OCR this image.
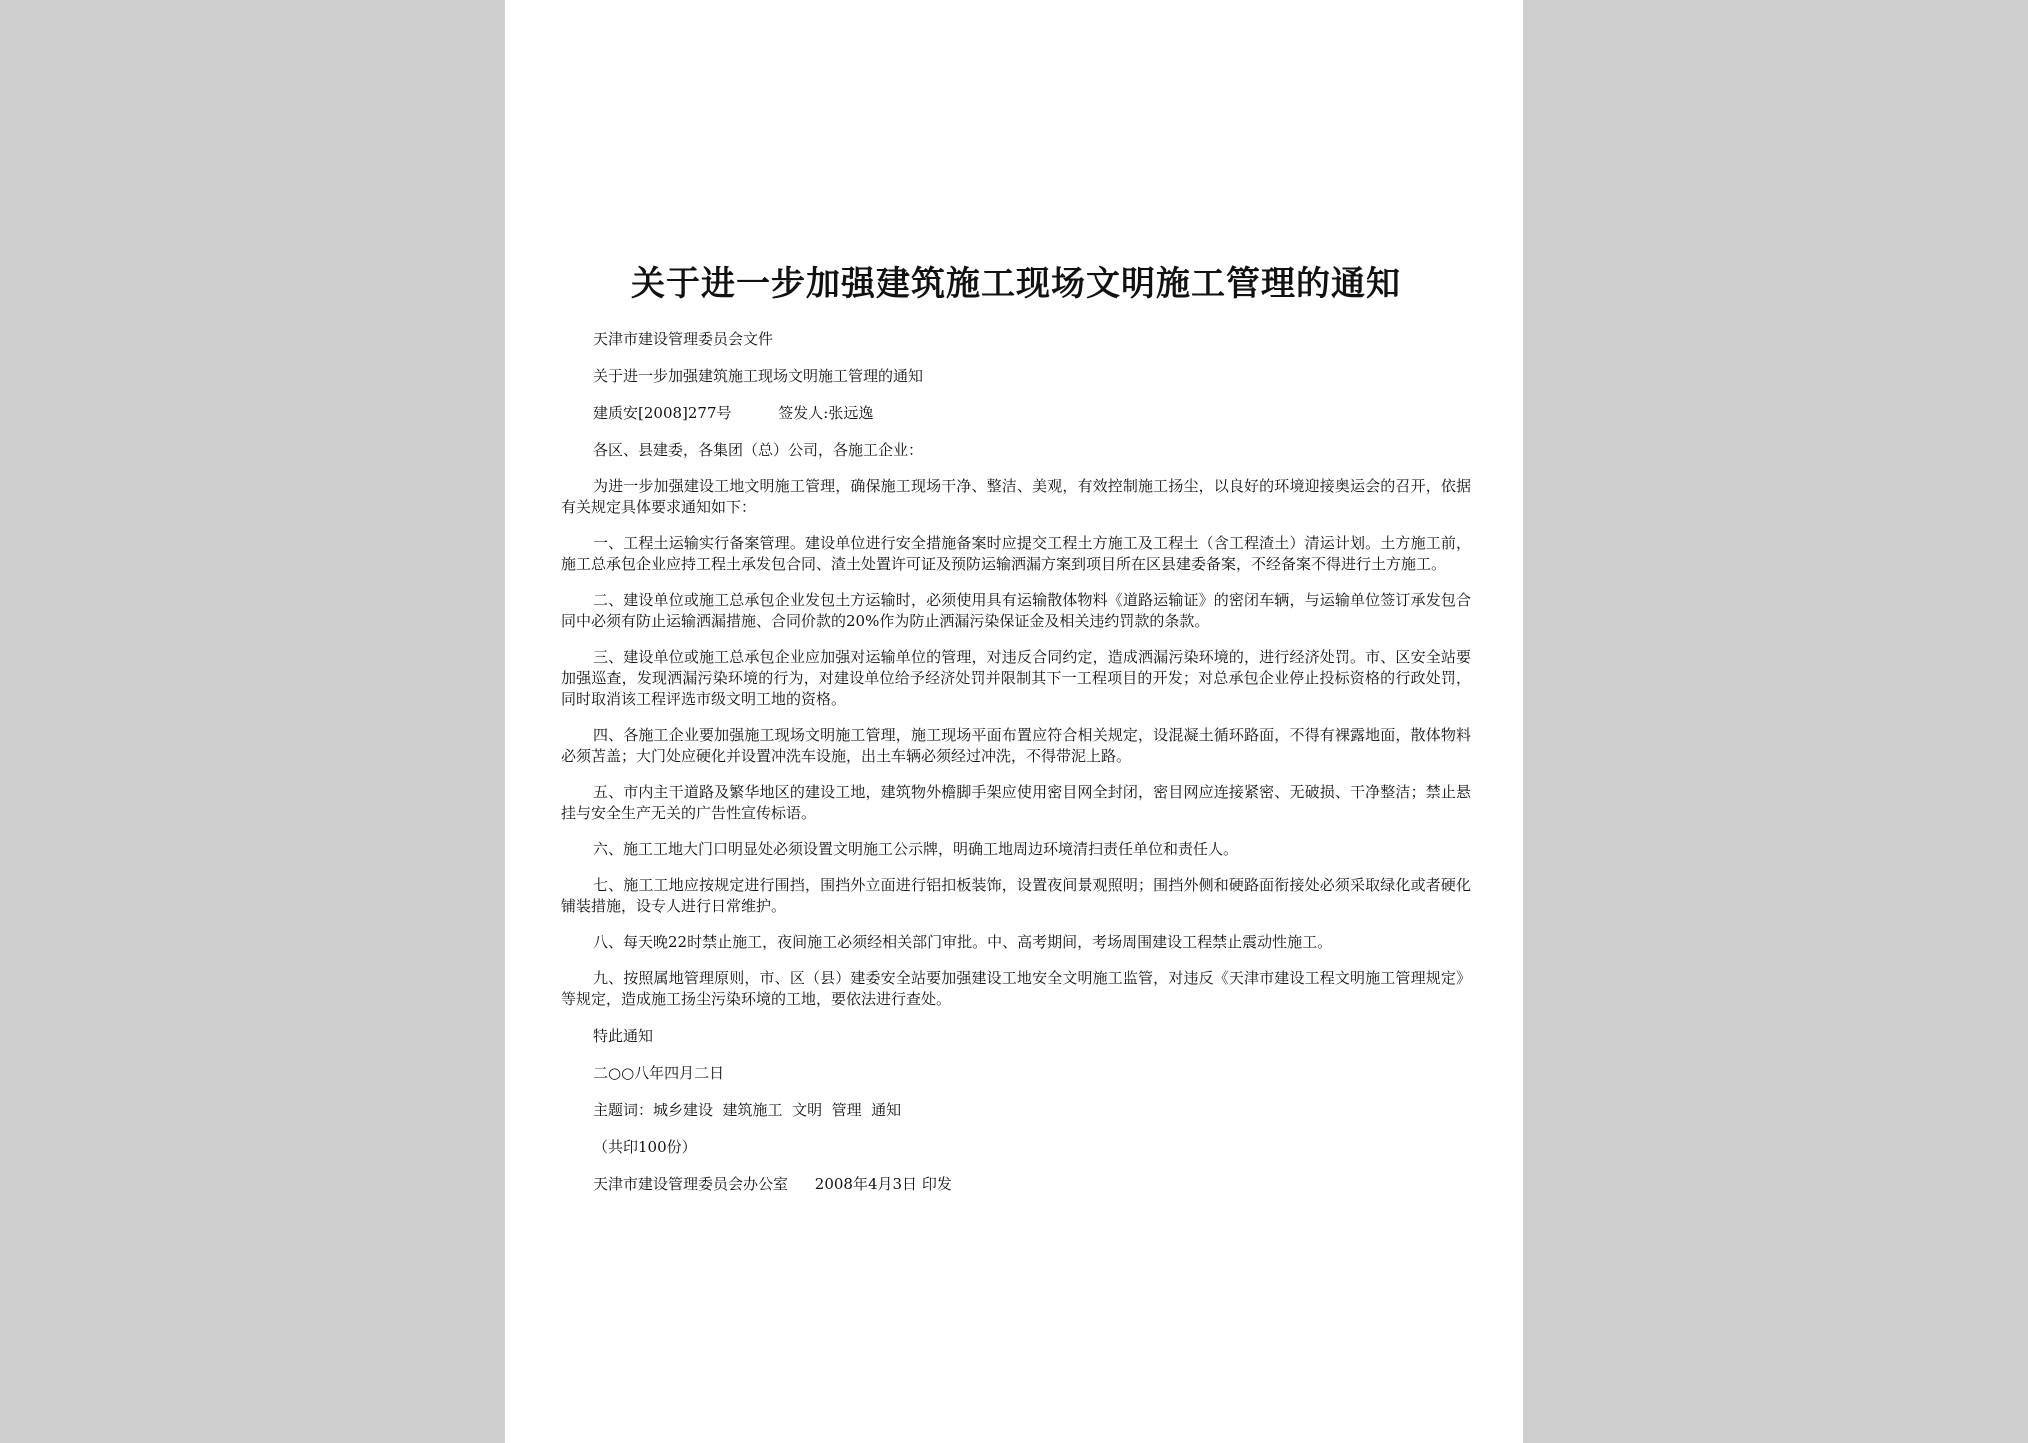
关于进一步加强建筑施工现场文明施工管理的通知

天津市建设管理委员会文件

关于进一步加强建筑施工现场文明施工管理的通知

建质安[2008]277号	签发人:张远逸

各区、县建委，各集团（总）公司，各施工企业：

为进一步加强建设工地文明施工管理，确保施工现场干净、整洁、美观，有效控制施工扬尘，以良好的环境迎接奥运会的召开，依据有关规定具体要求通知如下：

一、工程土运输实行备案管理。建设单位进行安全措施备案时应提交工程土方施工及工程土（含工程渣土）清运计划。土方施工前，施工总承包企业应持工程土承发包合同、渣土处置许可证及预防运输洒漏方案到项目所在区县建委备案，不经备案不得进行土方施工。

二、建设单位或施工总承包企业发包土方运输时，必须使用具有运输散体物料《道路运输证》的密闭车辆，与运输单位签订承发包合同中必须有防止运输洒漏措施、合同价款的20%作为防止洒漏污染保证金及相关违约罚款的条款。

三、建设单位或施工总承包企业应加强对运输单位的管理，对违反合同约定，造成洒漏污染环境的，进行经济处罚。市、区安全站要加强巡查，发现洒漏污染环境的行为，对建设单位给予经济处罚并限制其下一工程项目的开发；对总承包企业停止投标资格的行政处罚，同时取消该工程评选市级文明工地的资格。

四、各施工企业要加强施工现场文明施工管理，施工现场平面布置应符合相关规定，设混凝土循环路面，不得有裸露地面，散体物料必须苫盖；大门处应硬化并设置冲洗车设施，出土车辆必须经过冲洗，不得带泥上路。

五、市内主干道路及繁华地区的建设工地，建筑物外檐脚手架应使用密目网全封闭，密目网应连接紧密、无破损、干净整洁；禁止悬挂与安全生产无关的广告性宣传标语。

六、施工工地大门口明显处必须设置文明施工公示牌，明确工地周边环境清扫责任单位和责任人。

七、施工工地应按规定进行围挡，围挡外立面进行铝扣板装饰，设置夜间景观照明；围挡外侧和硬路面衔接处必须采取绿化或者硬化铺装措施，设专人进行日常维护。

八、每天晚22时禁止施工，夜间施工必须经相关部门审批。中、高考期间，考场周围建设工程禁止震动性施工。

九、按照属地管理原则，市、区（县）建委安全站要加强建设工地安全文明施工监管，对违反《天津市建设工程文明施工管理规定》等规定，造成施工扬尘污染环境的工地，要依法进行查处。

特此通知

二○○八年四月二日

主题词：城乡建设  建筑施工  文明  管理  通知

（共印100份）

天津市建设管理委员会办公室 2008年4月3日 印发
